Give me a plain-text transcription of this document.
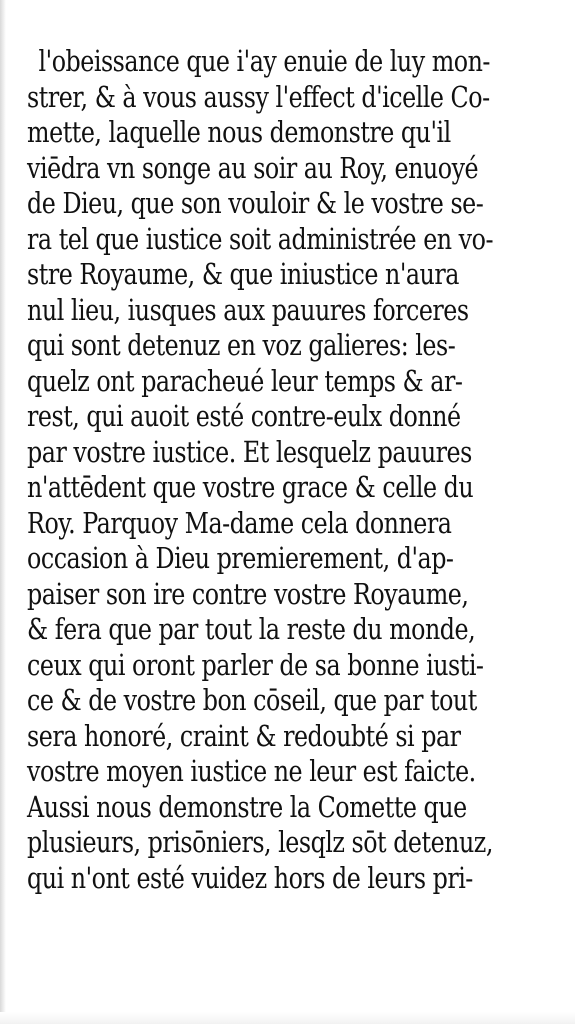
l'obeissance que i'ay enuie de luy mon-
strer, & à vous aussy l'effect d'icelle Co-
mette, laquelle nous demonstre qu'il
viēdra vn songe au soir au Roy, enuoyé
de Dieu, que son vouloir & le vostre se-
ra tel que iustice soit administrée en vo-
stre Royaume, & que iniustice n'aura
nul lieu, iusques aux pauures forceres
qui sont detenuz en voz galieres: les-
quelz ont paracheué leur temps & ar-
rest, qui auoit esté contre-eulx donné
par vostre iustice. Et lesquelz pauures
n'attēdent que vostre grace & celle du
Roy. Parquoy Ma-dame cela donnera
occasion à Dieu premierement, d'ap-
paiser son ire contre vostre Royaume,
& fera que par tout la reste du monde,
ceux qui oront parler de sa bonne iusti-
ce & de vostre bon cōseil, que par tout
sera honoré, craint & redoubté si par
vostre moyen iustice ne leur est faicte.
Aussi nous demonstre la Comette que
plusieurs, prisōniers, lesqlz sōt detenuz,
qui n'ont esté vuidez hors de leurs pri-
